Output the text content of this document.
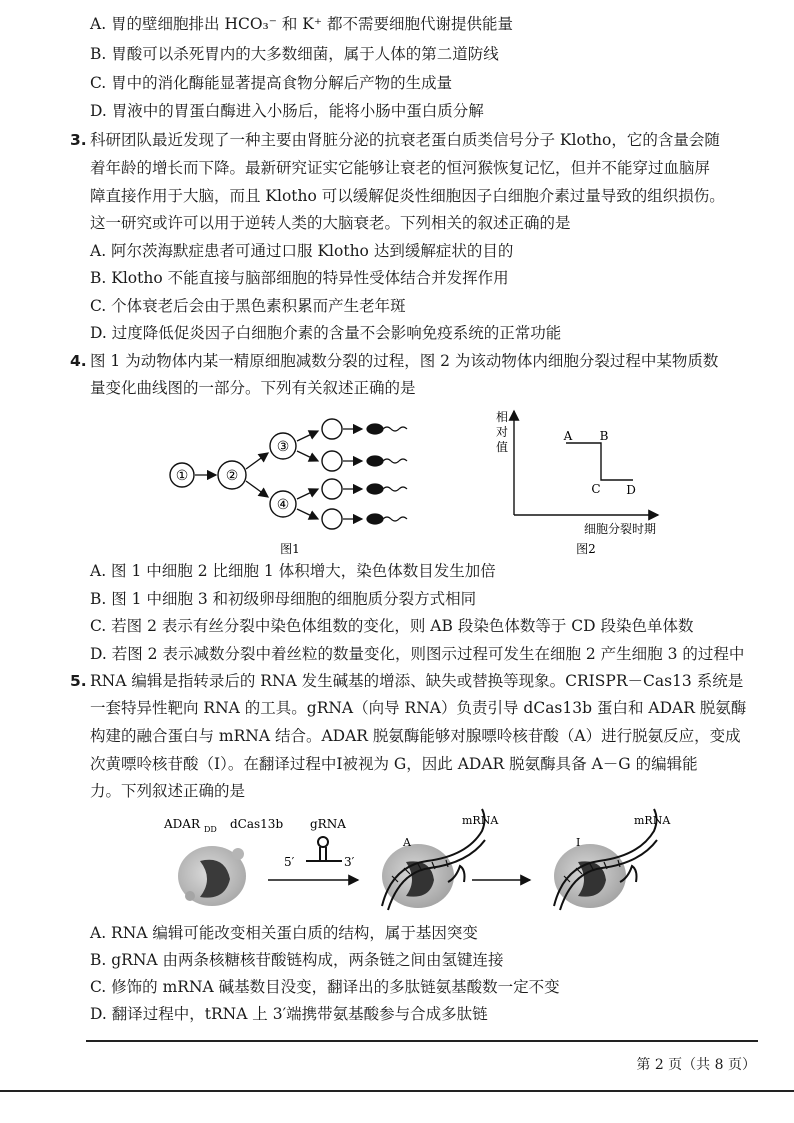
A. 胃的壁细胞排出 HCO₃⁻ 和 K⁺ 都不需要细胞代谢提供能量
B. 胃酸可以杀死胃内的大多数细菌，属于人体的第二道防线
C. 胃中的消化酶能显著提高食物分解后产物的生成量
D. 胃液中的胃蛋白酶进入小肠后，能将小肠中蛋白质分解
3. 科研团队最近发现了一种主要由肾脏分泌的抗衰老蛋白质类信号分子 Klotho，它的含量会随
着年龄的增长而下降。最新研究证实它能够让衰老的恒河猴恢复记忆，但并不能穿过血脑屏
障直接作用于大脑，而且 Klotho 可以缓解促炎性细胞因子白细胞介素过量导致的组织损伤。
这一研究或许可以用于逆转人类的大脑衰老。下列相关的叙述正确的是
A. 阿尔茨海默症患者可通过口服 Klotho 达到缓解症状的目的
B. Klotho 不能直接与脑部细胞的特异性受体结合并发挥作用
C. 个体衰老后会由于黑色素积累而产生老年斑
D. 过度降低促炎因子白细胞介素的含量不会影响免疫系统的正常功能
4. 图 1 为动物体内某一精原细胞减数分裂的过程，图 2 为该动物体内细胞分裂过程中某物质数
量变化曲线图的一部分。下列有关叙述正确的是
①	②
③
④
图1
相
对
值
A B
C D
细胞分裂时期
图2
A. 图 1 中细胞 2 比细胞 1 体积增大，染色体数目发生加倍
B. 图 1 中细胞 3 和初级卵母细胞的细胞质分裂方式相同
C. 若图 2 表示有丝分裂中染色体组数的变化，则 AB 段染色体数等于 CD 段染色单体数
D. 若图 2 表示减数分裂中着丝粒的数量变化，则图示过程可发生在细胞 2 产生细胞 3 的过程中
5. RNA 编辑是指转录后的 RNA 发生碱基的增添、缺失或替换等现象。CRISPR－Cas13 系统是
一套特异性靶向 RNA 的工具。gRNA（向导 RNA）负责引导 dCas13b 蛋白和 ADAR 脱氨酶
构建的融合蛋白与 mRNA 结合。ADAR 脱氨酶能够对腺嘌呤核苷酸（A）进行脱氨反应，变成
次黄嘌呤核苷酸（Ⅰ）。在翻译过程中Ⅰ被视为 G，因此 ADAR 脱氨酶具备 A－G 的编辑能
力。下列叙述正确的是
ADAR DD dCas13b gRNA
5′	3′
A
mRNA
I
mRNA
A. RNA 编辑可能改变相关蛋白质的结构，属于基因突变
B. gRNA 由两条核糖核苷酸链构成，两条链之间由氢键连接
C. 修饰的 mRNA 碱基数目没变，翻译出的多肽链氨基酸数一定不变
D. 翻译过程中，tRNA 上 3′端携带氨基酸参与合成多肽链
第 2 页（共 8 页）
